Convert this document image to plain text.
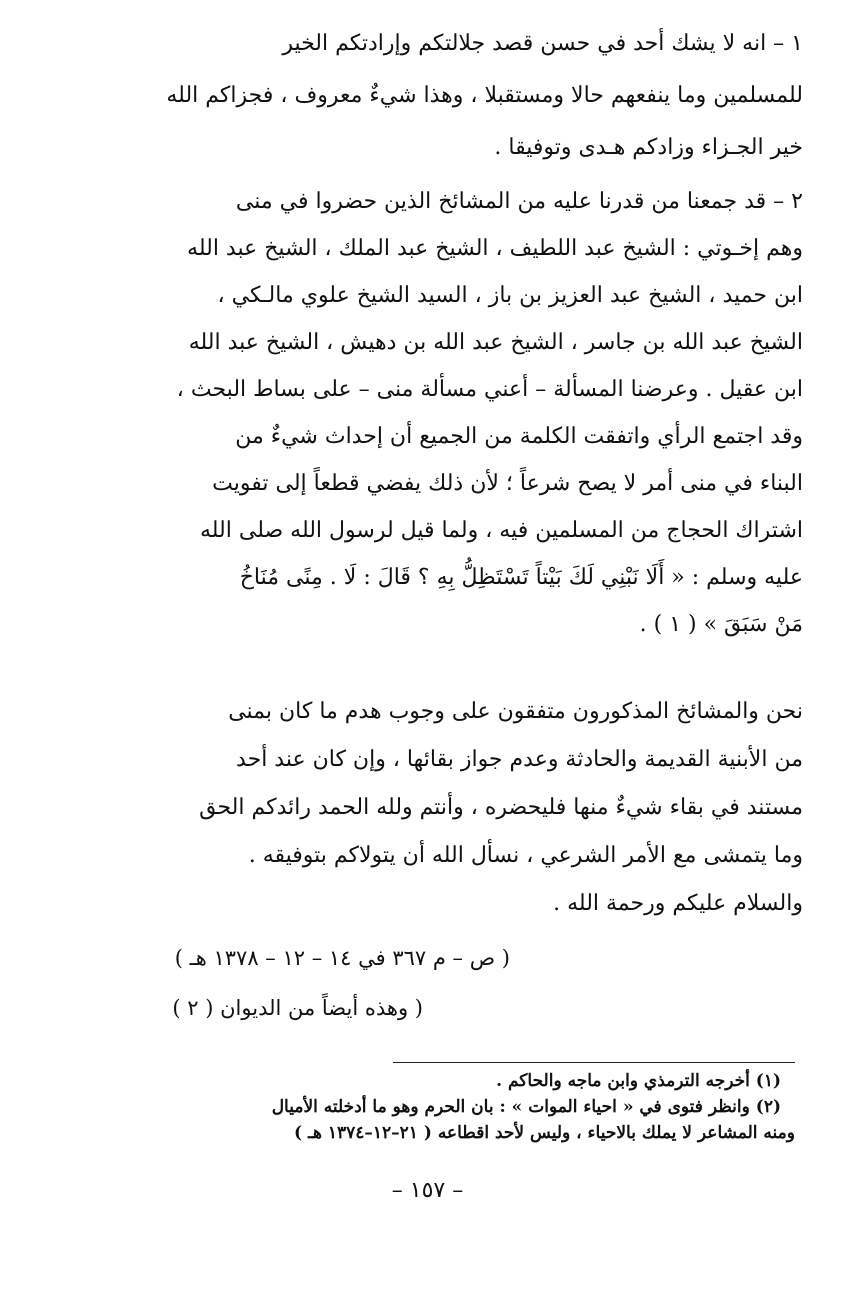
١ – انه لا يشك أحد في حسن قصد جلالتكم وإرادتكم الخير
للمسلمين وما ينفعهم حالا ومستقبلا ، وهذا شيءٌ معروف ، فجزاكم الله
خير الجـزاء وزادكم هـدى وتوفيقا .
٢ – قد جمعنا من قدرنا عليه من المشائخ الذين حضروا في منى
وهم إخـوتي : الشيخ عبد اللطيف ، الشيخ عبد الملك ، الشيخ عبد الله
ابن حميد ، الشيخ عبد العزيز بن باز ، السيد الشيخ علوي مالـكي ،
الشيخ عبد الله بن جاسر ، الشيخ عبد الله بن دهيش ، الشيخ عبد الله
ابن عقيل . وعرضنا المسألة – أعني مسألة منى – على بساط البحث ،
وقد اجتمع الرأي واتفقت الكلمة من الجميع أن إحداث شيءٌ من
البناء في منى أمر لا يصح شرعاً ؛ لأن ذلك يفضي قطعاً إلى تفويت
اشتراك الحجاج من المسلمين فيه ، ولما قيل لرسول الله صلى الله
عليه وسلم : « أَلَا نَبْنِي لَكَ بَيْتاً تَسْتَظِلُّ بِهِ ؟ قَالَ : لَا . مِنًى مُنَاخُ
مَنْ سَبَقَ » ( ١ ) .
نحن والمشائخ المذكورون متفقون على وجوب هدم ما كان بمنى
من الأبنية القديمة والحادثة وعدم جواز بقائها ، وإن كان عند أحد
مستند في بقاء شيءٌ منها فليحضره ، وأنتم ولله الحمد رائدكم الحق
وما يتمشى مع الأمر الشرعي ، نسأل الله أن يتولاكم بتوفيقه .
والسلام عليكم ورحمة الله .
( ص – م ٣٦٧ في ١٤ – ١٢ – ١٣٧٨ هـ )
( وهذه أيضاً من الديوان ( ٢ )
(١) أخرجه الترمذي وابن ماجه والحاكم .
(٢) وانظر فتوى في « احياء الموات » : بان الحرم وهو ما أدخلته الأميال
ومنه المشاعر لا يملك بالاحياء ، وليس لأحد اقطاعه ( ٢١–١٢–١٣٧٤ هـ )
– ١٥٧ –
